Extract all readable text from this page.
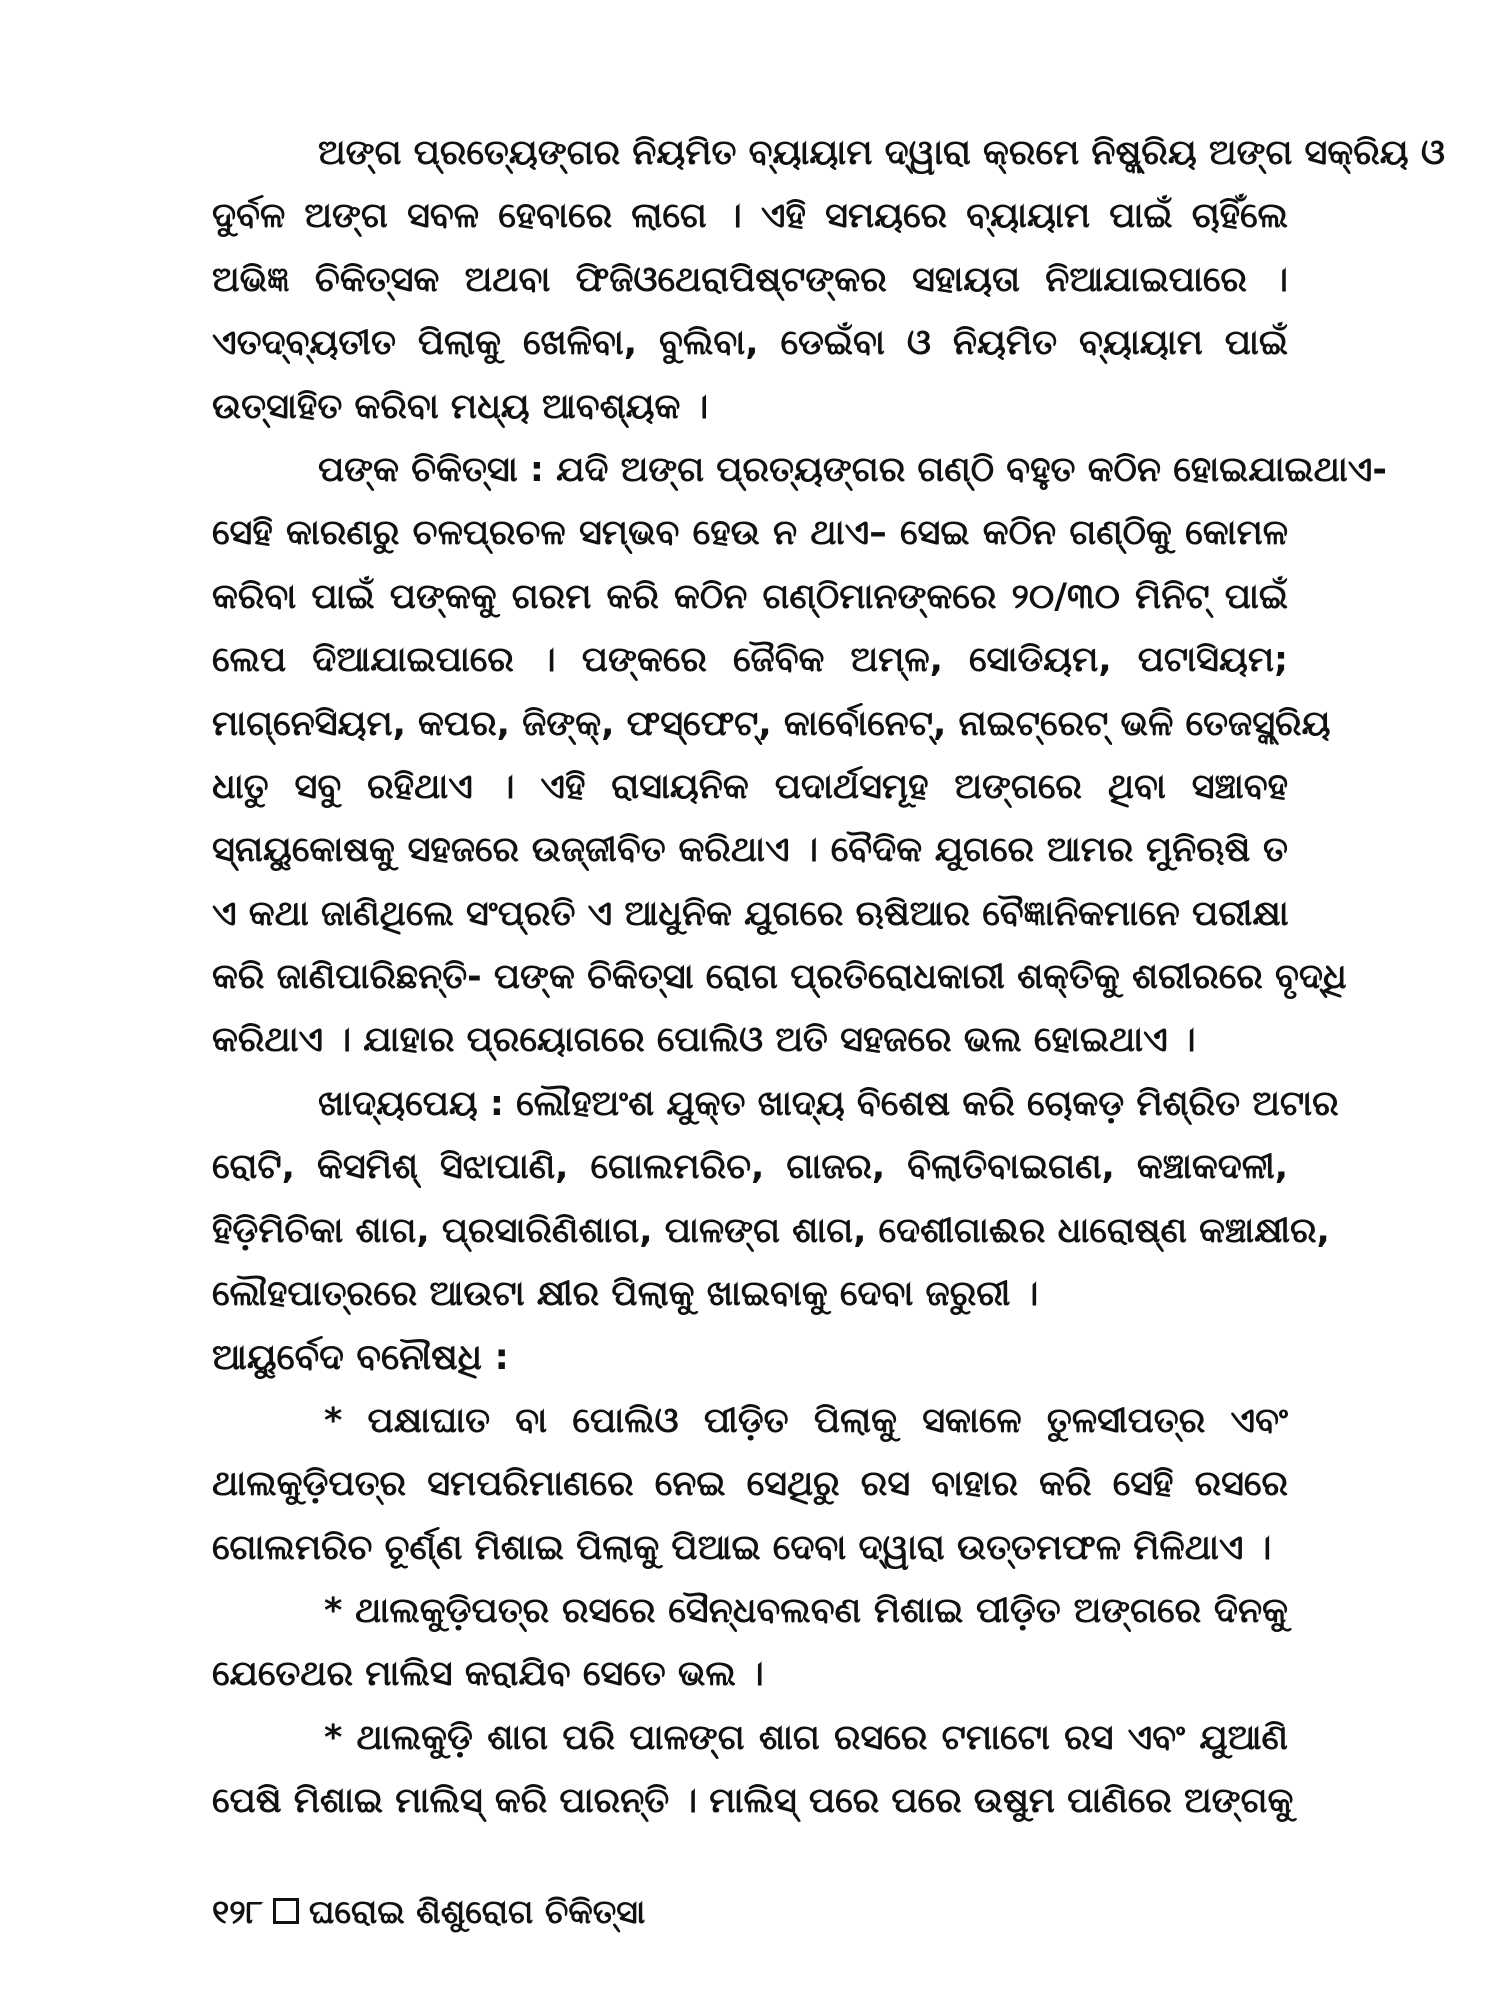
ଅଙ୍ଗ ପ୍ରତ୍ୟେଙ୍ଗର ନିୟମିତ ବ୍ୟାୟାମ ଦ୍ୱାରା କ୍ରମେ ନିଷ୍କ୍ରିୟ ଅଙ୍ଗ ସକ୍ରିୟ ଓ
ଦୁର୍ବଳ ଅଙ୍ଗ ସବଳ ହେବାରେ ଲାଗେ । ଏହି ସମୟରେ ବ୍ୟାୟାମ ପାଇଁ ଚାହିଁଲେ
ଅଭିଜ୍ଞ ଚିକିତ୍ସକ ଅଥବା ଫିଜିଓଥେରାପିଷ୍ଟଙ୍କର ସହାୟତା ନିଆଯାଇପାରେ ।
ଏତଦ୍‌ବ୍ୟତୀତ ପିଲାକୁ ଖେଳିବା, ବୁଲିବା, ଡେଇଁବା ଓ ନିୟମିତ ବ୍ୟାୟାମ ପାଇଁ
ଉତ୍ସାହିତ କରିବା ମଧ୍ୟ ଆବଶ୍ୟକ ।
ପଙ୍କ ଚିକିତ୍ସା : ଯଦି ଅଙ୍ଗ ପ୍ରତ୍ୟଙ୍ଗର ଗଣ୍ଠି ବହୁତ କଠିନ ହୋଇଯାଇଥାଏ-
ସେହି କାରଣରୁ ଚଳପ୍ରଚଳ ସମ୍ଭବ ହେଉ ନ ଥାଏ– ସେଇ କଠିନ ଗଣ୍ଠିକୁ କୋମଳ
କରିବା ପାଇଁ ପଙ୍କକୁ ଗରମ କରି କଠିନ ଗଣ୍ଠିମାନଙ୍କରେ ୨୦/୩୦ ମିନିଟ୍ ପାଇଁ
ଲେପ ଦିଆଯାଇପାରେ । ପଙ୍କରେ ଜୈବିକ ଅମ୍ଳ, ସୋଡିୟମ, ପଟାସିୟମ;
ମାଗ୍ନେସିୟମ, କପର, ଜିଙ୍କ୍, ଫସ୍‌ଫେଟ୍, କାର୍ବୋନେଟ୍, ନାଇଟ୍ରେଟ୍ ଭଳି ତେଜସ୍କ୍ରିୟ
ଧାତୁ ସବୁ ରହିଥାଏ । ଏହି ରାସାୟନିକ ପଦାର୍ଥସମୂହ ଅଙ୍ଗରେ ଥିବା ସଞ୍ଚାବହ
ସ୍ନାୟୁକୋଷକୁ ସହଜରେ ଉଜ୍ଜୀବିତ କରିଥାଏ । ବୈଦିକ ଯୁଗରେ ଆମର ମୁନିଋଷି ତ
ଏ କଥା ଜାଣିଥିଲେ ସଂପ୍ରତି ଏ ଆଧୁନିକ ଯୁଗରେ ଋଷିଆର ବୈଜ୍ଞାନିକମାନେ ପରୀକ୍ଷା
କରି ଜାଣିପାରିଛନ୍ତି- ପଙ୍କ ଚିକିତ୍ସା ରୋଗ ପ୍ରତିରୋଧକାରୀ ଶକ୍ତିକୁ ଶରୀରରେ ବୃଦ୍ଧି
କରିଥାଏ । ଯାହାର ପ୍ରୟୋଗରେ ପୋଲିଓ ଅତି ସହଜରେ ଭଲ ହୋଇଥାଏ ।
ଖାଦ୍ୟପେୟ : ଲୌହଅଂଶ ଯୁକ୍ତ ଖାଦ୍ୟ ବିଶେଷ କରି ଚୋକଡ଼ ମିଶ୍ରିତ ଅଟାର
ରୋଟି, କିସମିଶ୍ ସିଝାପାଣି, ଗୋଲମରିଚ, ଗାଜର, ବିଲାତିବାଇଗଣ, କଞ୍ଚାକଦଳୀ,
ହିଡ଼ିମିଚିକା ଶାଗ, ପ୍ରସାରିଣିଶାଗ, ପାଳଙ୍ଗ ଶାଗ, ଦେଶୀଗାଈର ଧାରୋଷ୍ଣ କଞ୍ଚାକ୍ଷୀର,
ଲୌହପାତ୍ରରେ ଆଉଟା କ୍ଷୀର ପିଲାକୁ ଖାଇବାକୁ ଦେବା ଜରୁରୀ ।
ଆୟୁର୍ବେଦ ବନୌଷଧି :
* ପକ୍ଷାଘାତ ବା ପୋଲିଓ ପୀଡ଼ିତ ପିଲାକୁ ସକାଳେ ତୁଳସୀପତ୍ର ଏବଂ
ଥାଲକୁଡ଼ିପତ୍ର ସମପରିମାଣରେ ନେଇ ସେଥିରୁ ରସ ବାହାର କରି ସେହି ରସରେ
ଗୋଲମରିଚ ଚୂର୍ଣ୍ଣ ମିଶାଇ ପିଲାକୁ ପିଆଇ ଦେବା ଦ୍ୱାରା ଉତ୍ତମଫଳ ମିଳିଥାଏ ।
* ଥାଲକୁଡ଼ିପତ୍ର ରସରେ ସୈନ୍ଧବଲବଣ ମିଶାଇ ପୀଡ଼ିତ ଅଙ୍ଗରେ ଦିନକୁ
ଯେତେଥର ମାଲିସ କରାଯିବ ସେତେ ଭଲ ।
* ଥାଲକୁଡ଼ି ଶାଗ ପରି ପାଳଙ୍ଗ ଶାଗ ରସରେ ଟମାଟୋ ରସ ଏବଂ ଯୁଆଣି
ପେଷି ମିଶାଇ ମାଲିସ୍ କରି ପାରନ୍ତି । ମାଲିସ୍ ପରେ ପରେ ଉଷୁମ ପାଣିରେ ଅଙ୍ଗକୁ
୧୨୮ ଘରୋଇ ଶିଶୁରୋଗ ଚିକିତ୍ସା
